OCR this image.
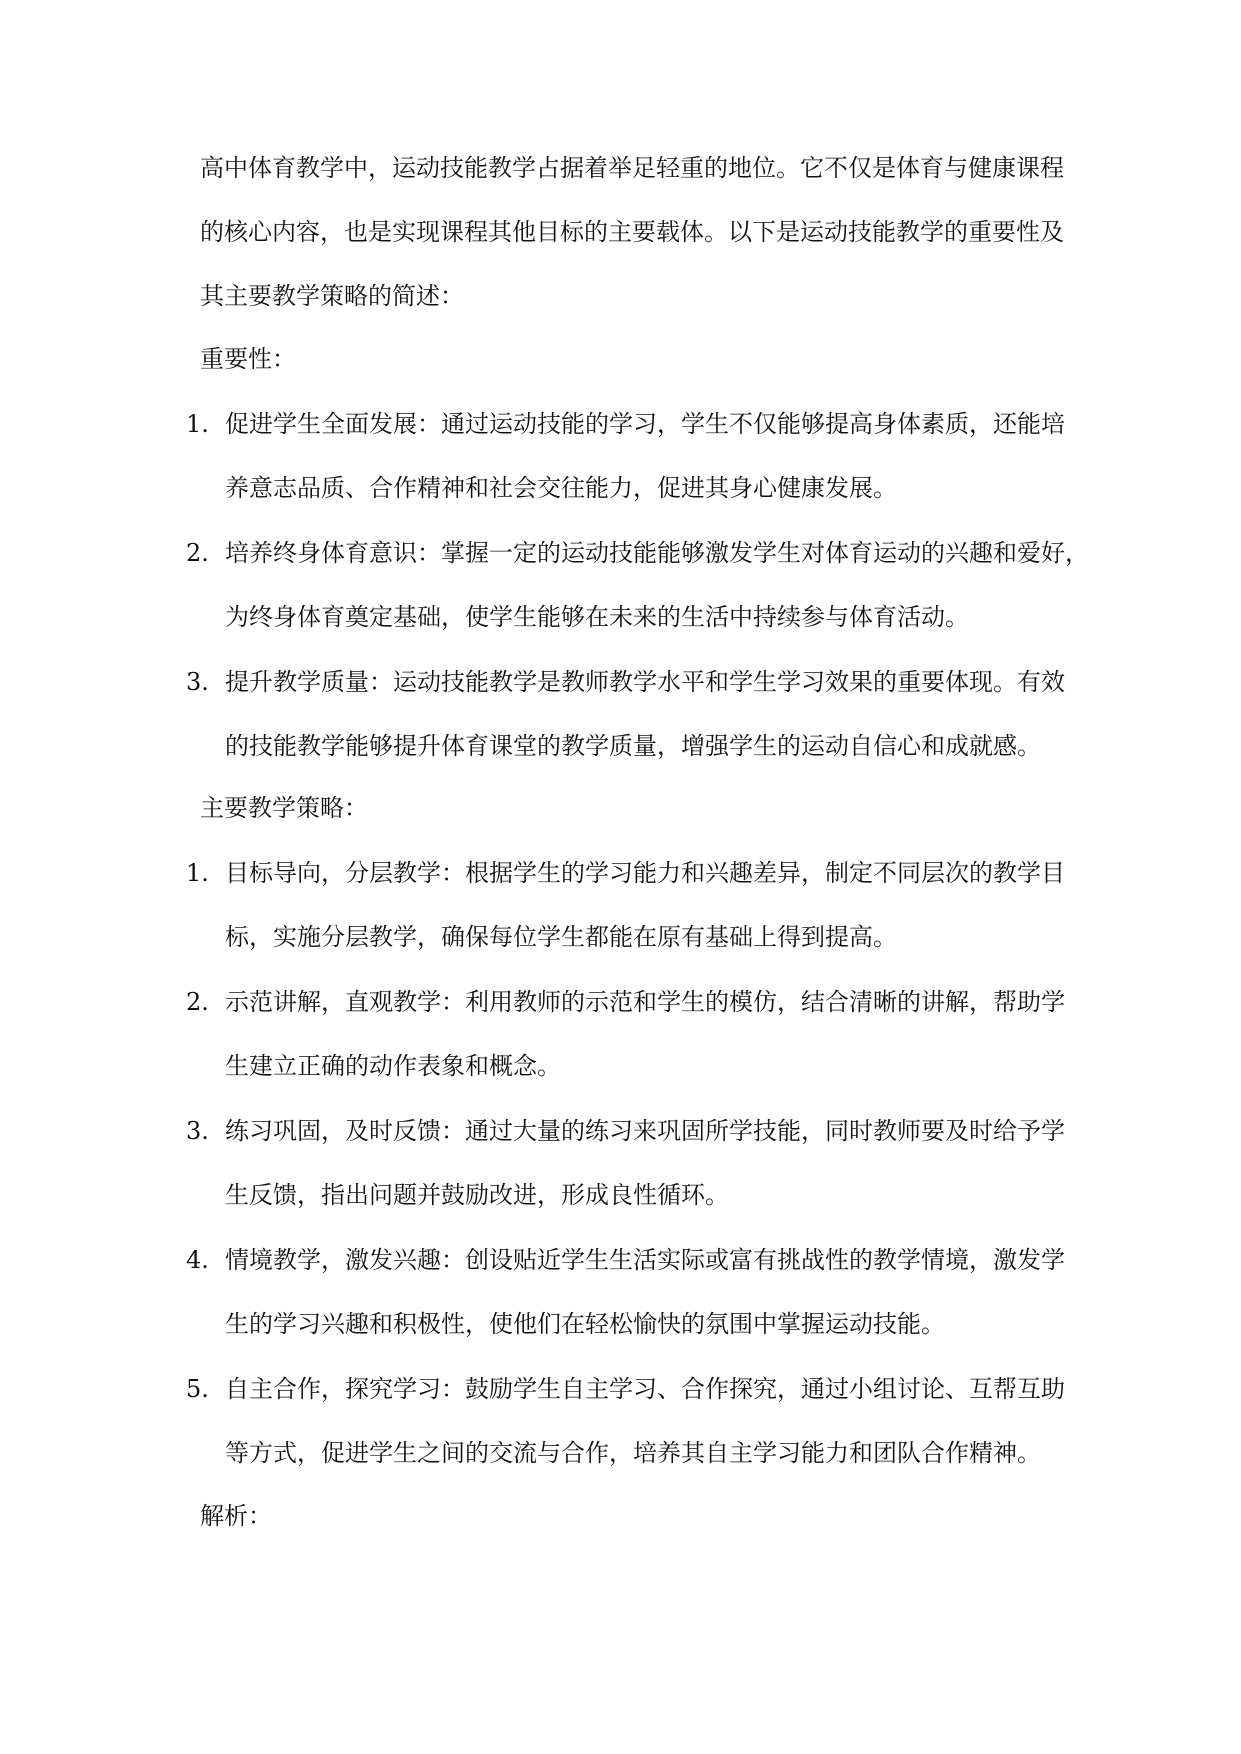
高中体育教学中，运动技能教学占据着举足轻重的地位。它不仅是体育与健康课程
的核心内容，也是实现课程其他目标的主要载体。以下是运动技能教学的重要性及
其主要教学策略的简述：
重要性：
1. 促进学生全面发展：通过运动技能的学习，学生不仅能够提高身体素质，还能培
养意志品质、合作精神和社会交往能力，促进其身心健康发展。
2. 培养终身体育意识：掌握一定的运动技能能够激发学生对体育运动的兴趣和爱好，
为终身体育奠定基础，使学生能够在未来的生活中持续参与体育活动。
3. 提升教学质量：运动技能教学是教师教学水平和学生学习效果的重要体现。有效
的技能教学能够提升体育课堂的教学质量，增强学生的运动自信心和成就感。
主要教学策略：
1. 目标导向，分层教学：根据学生的学习能力和兴趣差异，制定不同层次的教学目
标，实施分层教学，确保每位学生都能在原有基础上得到提高。
2. 示范讲解，直观教学：利用教师的示范和学生的模仿，结合清晰的讲解，帮助学
生建立正确的动作表象和概念。
3. 练习巩固，及时反馈：通过大量的练习来巩固所学技能，同时教师要及时给予学
生反馈，指出问题并鼓励改进，形成良性循环。
4. 情境教学，激发兴趣：创设贴近学生生活实际或富有挑战性的教学情境，激发学
生的学习兴趣和积极性，使他们在轻松愉快的氛围中掌握运动技能。
5. 自主合作，探究学习：鼓励学生自主学习、合作探究，通过小组讨论、互帮互助
等方式，促进学生之间的交流与合作，培养其自主学习能力和团队合作精神。
解析：
